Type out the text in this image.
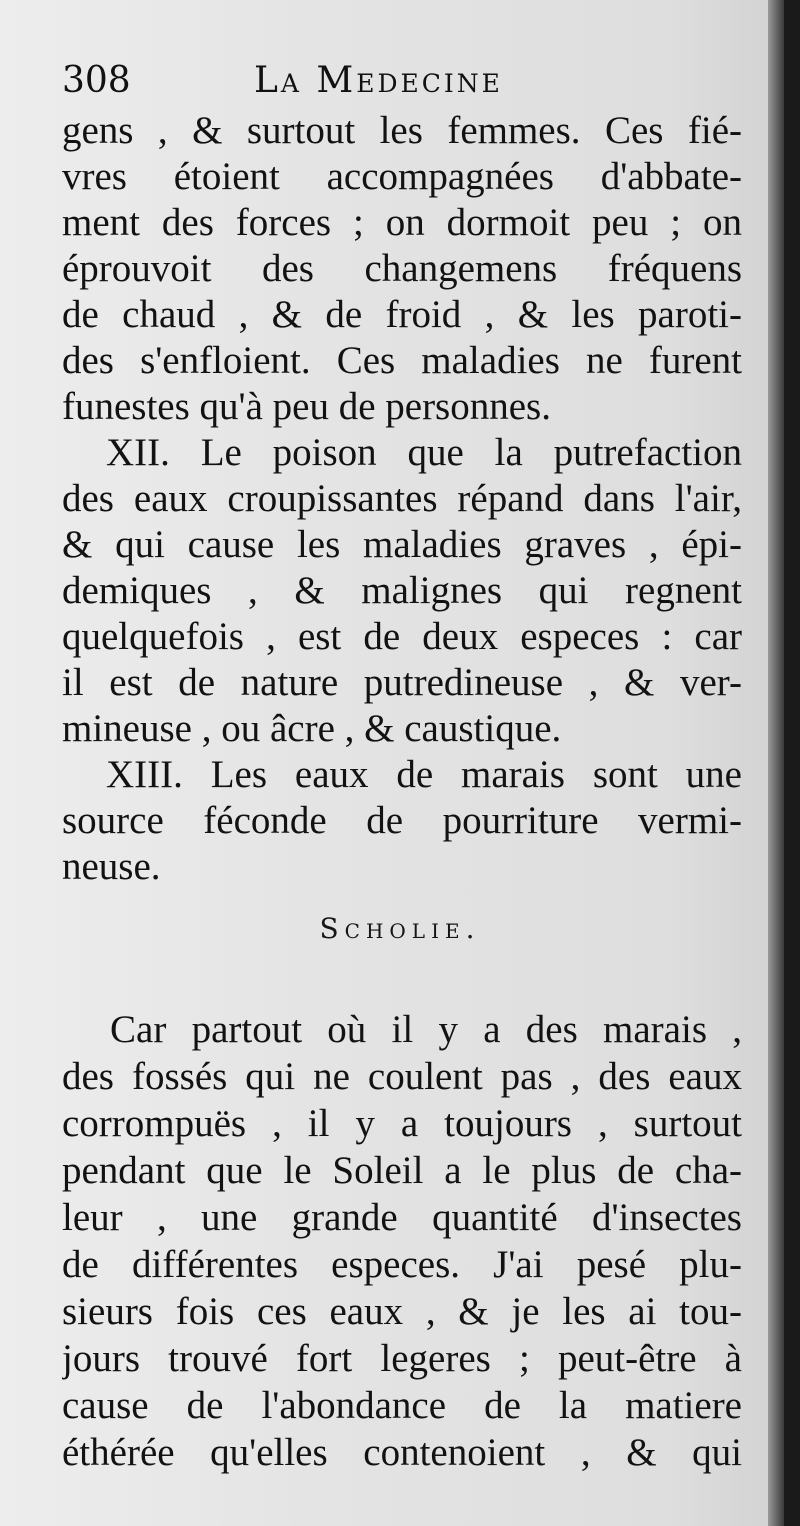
308	La Medecine
gens , & surtout les femmes. Ces fié-
vres étoient accompagnées d'abbate-
ment des forces ; on dormoit peu ; on
éprouvoit des changemens fréquens
de chaud , & de froid , & les paroti-
des s'enfloient. Ces maladies ne furent
funestes qu'à peu de personnes.
XII. Le poison que la putrefaction
des eaux croupissantes répand dans l'air,
& qui cause les maladies graves , épi-
demiques , & malignes qui regnent
quelquefois , est de deux especes : car
il est de nature putredineuse , & ver-
mineuse , ou âcre , & caustique.
XIII. Les eaux de marais sont une
source féconde de pourriture vermi-
neuse.
Scholie.
Car partout où il y a des marais ,
des fossés qui ne coulent pas , des eaux
corrompuës , il y a toujours , surtout
pendant que le Soleil a le plus de cha-
leur , une grande quantité d'insectes
de différentes especes. J'ai pesé plu-
sieurs fois ces eaux , & je les ai tou-
jours trouvé fort legeres ; peut-être à
cause de l'abondance de la matiere
éthérée qu'elles contenoient , & qui
